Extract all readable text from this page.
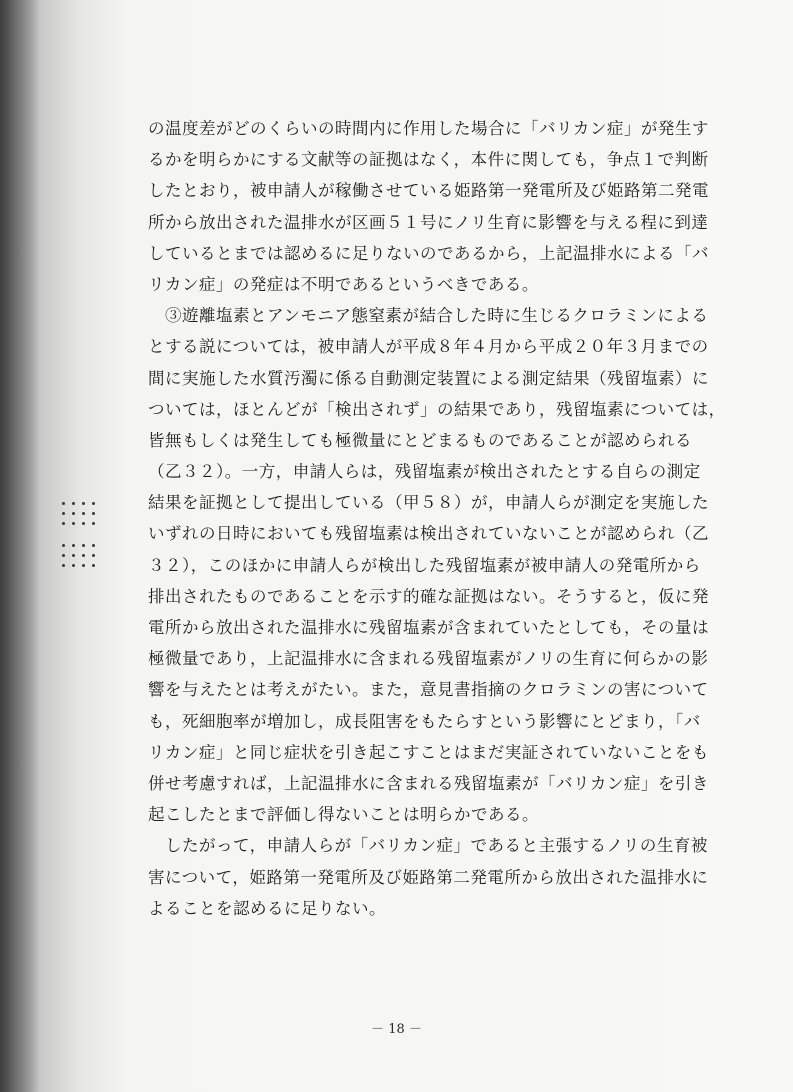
の温度差がどのくらいの時間内に作用した場合に「バリカン症」が発生す
るかを明らかにする文献等の証拠はなく，本件に関しても，争点１で判断
したとおり，被申請人が稼働させている姫路第一発電所及び姫路第二発電
所から放出された温排水が区画５１号にノリ生育に影響を与える程に到達
しているとまでは認めるに足りないのであるから，上記温排水による「バ
リカン症」の発症は不明であるというべきである。
　③遊離塩素とアンモニア態窒素が結合した時に生じるクロラミンによる
とする説については，被申請人が平成８年４月から平成２０年３月までの
間に実施した水質汚濁に係る自動測定装置による測定結果（残留塩素）に
ついては，ほとんどが「検出されず」の結果であり，残留塩素については，
皆無もしくは発生しても極微量にとどまるものであることが認められる
（乙３２）。一方，申請人らは，残留塩素が検出されたとする自らの測定
結果を証拠として提出している（甲５８）が，申請人らが測定を実施した
いずれの日時においても残留塩素は検出されていないことが認められ（乙
３２），このほかに申請人らが検出した残留塩素が被申請人の発電所から
排出されたものであることを示す的確な証拠はない。そうすると，仮に発
電所から放出された温排水に残留塩素が含まれていたとしても，その量は
極微量であり，上記温排水に含まれる残留塩素がノリの生育に何らかの影
響を与えたとは考えがたい。また，意見書指摘のクロラミンの害について
も，死細胞率が増加し，成長阻害をもたらすという影響にとどまり，「バ
リカン症」と同じ症状を引き起こすことはまだ実証されていないことをも
併せ考慮すれば，上記温排水に含まれる残留塩素が「バリカン症」を引き
起こしたとまで評価し得ないことは明らかである。
　したがって，申請人らが「バリカン症」であると主張するノリの生育被
害について，姫路第一発電所及び姫路第二発電所から放出された温排水に
よることを認めるに足りない。
－ 18 －
